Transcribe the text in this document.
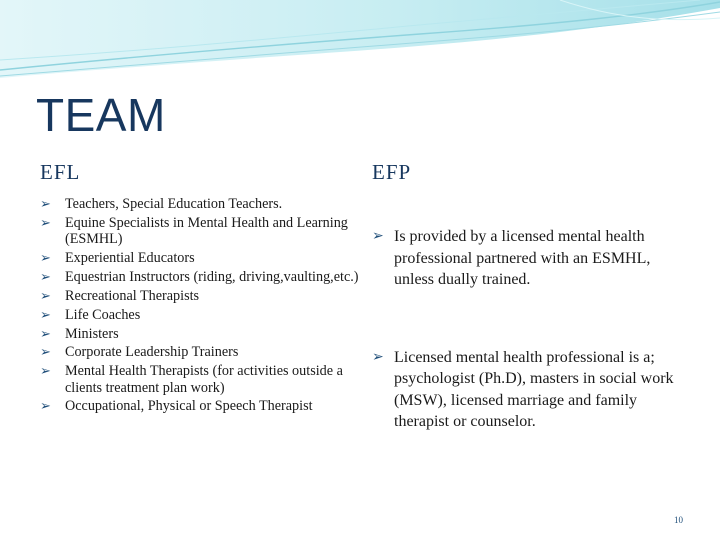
TEAM
EFL	EFP
➢ Teachers, Special Education Teachers.
➢ Equine Specialists in Mental Health and Learning (ESMHL)
➢ Experiential Educators
➢ Equestrian Instructors (riding, driving,vaulting,etc.)
➢ Recreational Therapists
➢ Life Coaches
➢ Ministers
➢ Corporate Leadership Trainers
➢ Mental Health Therapists (for activities outside a clients treatment plan work)
➢ Occupational, Physical or Speech Therapist
➢ Is provided by a licensed mental health professional partnered with an ESMHL, unless dually trained.
➢ Licensed mental health professional is a; psychologist (Ph.D), masters in social work (MSW), licensed marriage and family therapist or counselor.
10
